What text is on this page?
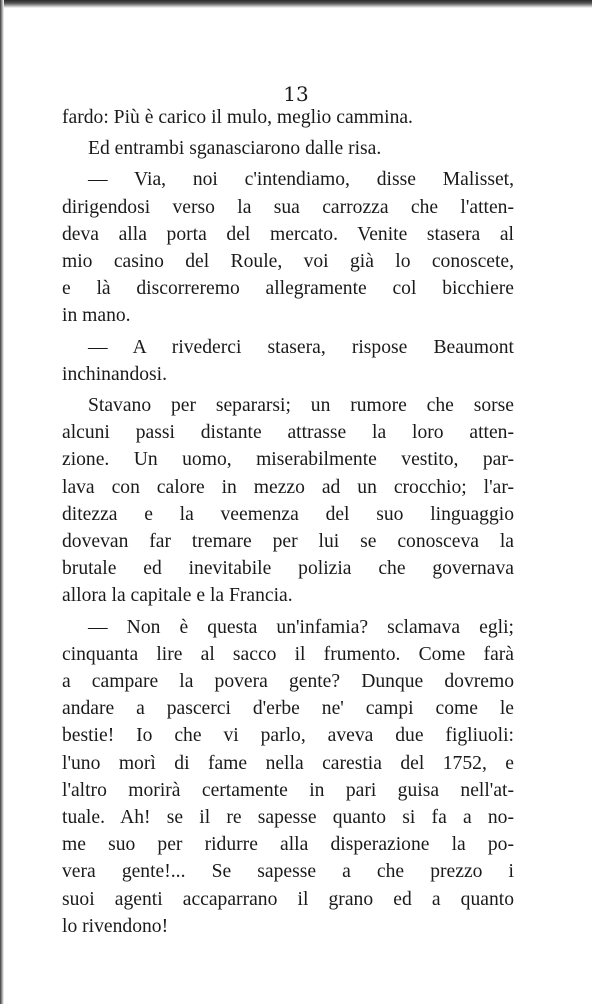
13
fardo: Più è carico il mulo, meglio cammina.
Ed entrambi sganasciarono dalle risa.
— Via, noi c'intendiamo, disse Malisset,
dirigendosi verso la sua carrozza che l'atten-
deva alla porta del mercato. Venite stasera al
mio casino del Roule, voi già lo conoscete,
e là discorreremo allegramente col bicchiere
in mano.
— A rivederci stasera, rispose Beaumont
inchinandosi.
Stavano per separarsi; un rumore che sorse
alcuni passi distante attrasse la loro atten-
zione. Un uomo, miserabilmente vestito, par-
lava con calore in mezzo ad un crocchio; l'ar-
ditezza e la veemenza del suo linguaggio
dovevan far tremare per lui se conosceva la
brutale ed inevitabile polizia che governava
allora la capitale e la Francia.
— Non è questa un'infamia? sclamava egli;
cinquanta lire al sacco il frumento. Come farà
a campare la povera gente? Dunque dovremo
andare a pascerci d'erbe ne' campi come le
bestie! Io che vi parlo, aveva due figliuoli:
l'uno morì di fame nella carestia del 1752, e
l'altro morirà certamente in pari guisa nell'at-
tuale. Ah! se il re sapesse quanto si fa a no-
me suo per ridurre alla disperazione la po-
vera gente!... Se sapesse a che prezzo i
suoi agenti accaparrano il grano ed a quanto
lo rivendono!
